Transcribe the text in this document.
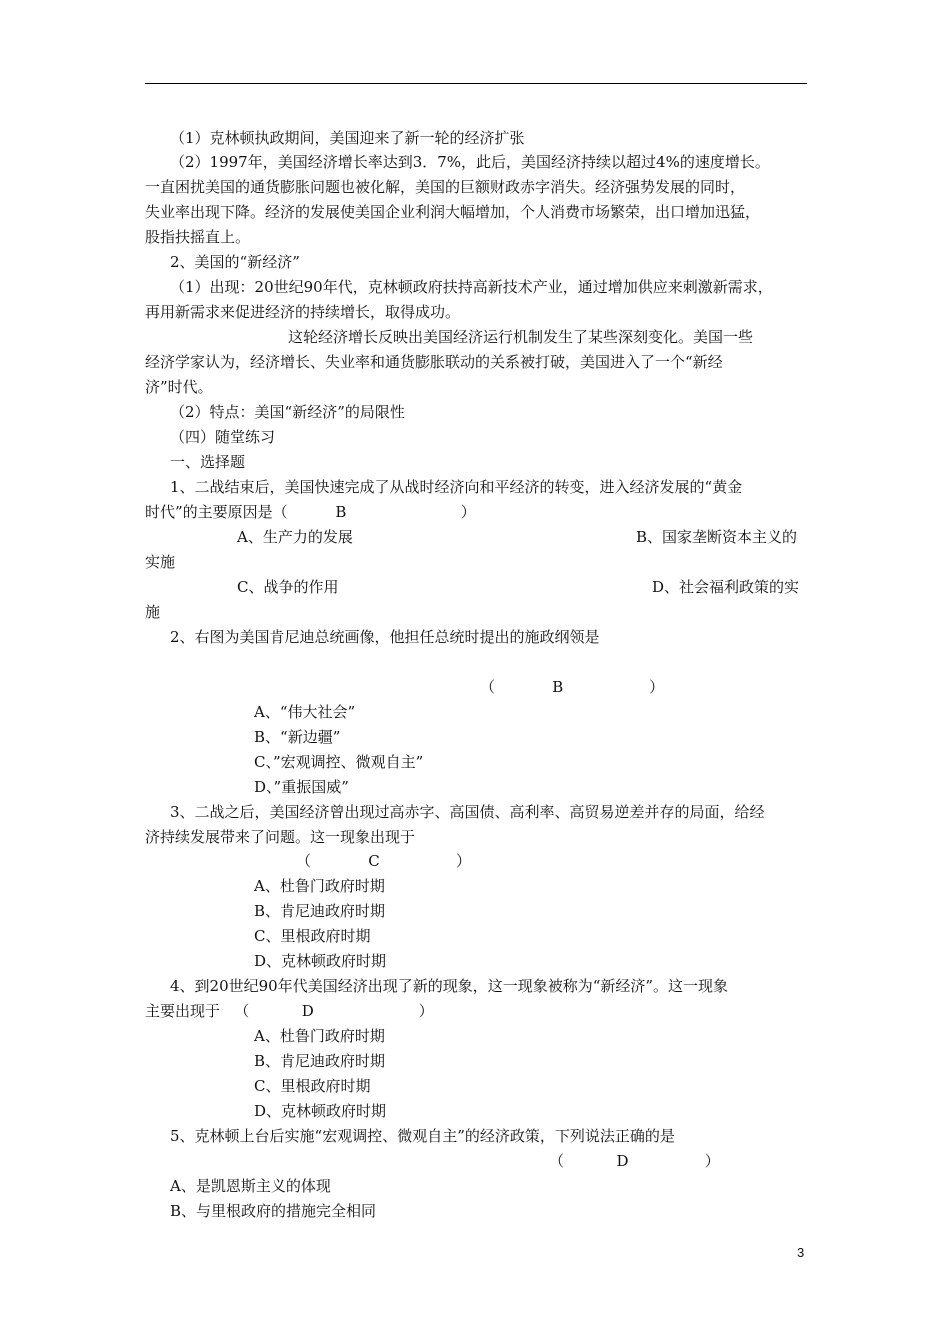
（1）克林顿执政期间，美国迎来了新一轮的经济扩张
（2）1997年，美国经济增长率达到3．7%，此后，美国经济持续以超过4%的速度增长。
一直困扰美国的通货膨胀问题也被化解，美国的巨额财政赤字消失。经济强势发展的同时，
失业率出现下降。经济的发展使美国企业利润大幅增加，个人消费市场繁荣，出口增加迅猛，
股指扶摇直上。
2、美国的“新经济”
（1）出现：20世纪90年代，克林顿政府扶持高新技术产业，通过增加供应来刺激新需求，
再用新需求来促进经济的持续增长，取得成功。
这轮经济增长反映出美国经济运行机制发生了某些深刻变化。美国一些
经济学家认为，经济增长、失业率和通货膨胀联动的关系被打破，美国进入了一个“新经
济”时代。
（2）特点：美国“新经济”的局限性
（四）随堂练习
一、选择题
1、二战结束后，美国快速完成了从战时经济向和平经济的转变，进入经济发展的“黄金
时代”的主要原因是（          B                        ）
A、生产力的发展	B、国家垄断资本主义的
实施
C、战争的作用	D、社会福利政策的实
施
2、右图为美国肯尼迪总统画像，他担任总统时提出的施政纲领是
（            B                  ）
A、“伟大社会”
B、“新边疆”
C、”宏观调控、微观自主”
D、”重振国威”
3、二战之后，美国经济曾出现过高赤字、高国债、高利率、高贸易逆差并存的局面，给经
济持续发展带来了问题。这一现象出现于
（            C                ）
A、杜鲁门政府时期
B、肯尼迪政府时期
C、里根政府时期
D、克林顿政府时期
4、到20世纪90年代美国经济出现了新的现象，这一现象被称为“新经济”。这一现象
主要出现于   （           D                      ）
A、杜鲁门政府时期
B、肯尼迪政府时期
C、里根政府时期
D、克林顿政府时期
5、克林顿上台后实施“宏观调控、微观自主”的经济政策，下列说法正确的是
（           D                ）
A、是凯恩斯主义的体现
B、与里根政府的措施完全相同
3
